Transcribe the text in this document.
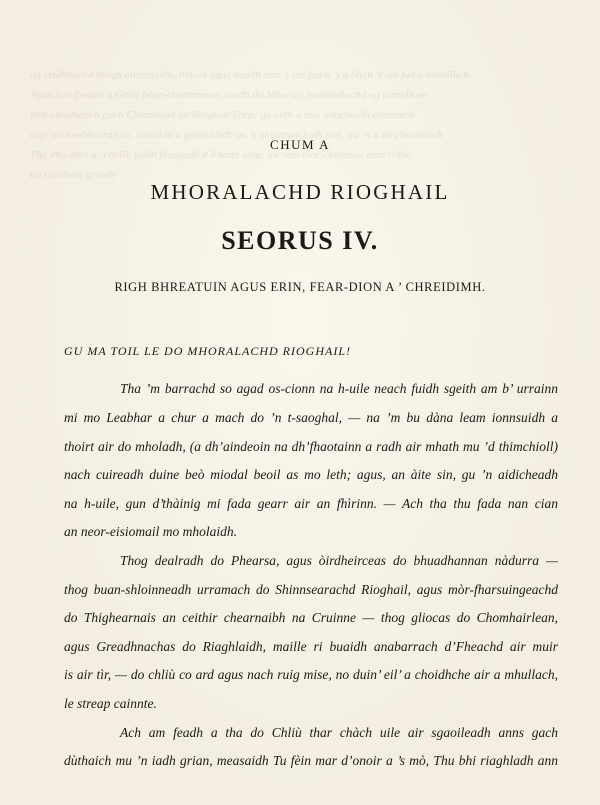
na cridheachd aitigh altramaidh, thaoid agus nuadh ann ’s am fad a ’s a bhan ’s am fad a bhroillich
Agus nan fheadh a Ghlic bean-chothromais taodh do Mhorair naomhalachd ag aireidh an
bàn-chridheach gach Chlamhaid an Rìoghan Eorp: gu cidh a nua aduchaidh alamaich
aige na Leabhraran so, lìonaidh a gnàtaichdh gu ’s ghnàthaichidh fèin, gu ’n a do chearlaich
Tha dhu dhol a ’choill, fuidh fhasgadh d Fhann udar, air nan nior-chleasail nam rìdhe
na Gaidhail gruidh
CHUM A
MHORALACHD RIOGHAIL
SEORUS IV.
RIGH BHREATUIN AGUS ERIN, FEAR-DION A ’ CHREIDIMH.
GU MA TOIL LE DO MHORALACHD RIOGHAIL!
Tha ’m barrachd so agad os-cionn na h-uile neach fuidh sgeith am b’ urrainn
mi mo Leabhar a chur a mach do ’n t-saoghal, — na ’m bu dàna leam ionnsuidh a
thoirt air do mholadh, (a dh’aindeoin na dh’fhaotainn a radh air mhath mu ’d thimchioll)
nach cuireadh duine beò miodal beoil as mo leth; agus, an àite sin, gu ’n aidicheadh
na h-uile, gun d’thàinig mi fada gearr air an fhìrinn. — Ach tha thu fada nan cian
an neor-eisiomail mo mholaidh.
Thog dealradh do Phearsa, agus òirdheirceas do bhuadhannan nàdurra —
thog buan-shloinneadh urramach do Shinnsearachd Rioghail, agus mòr-fharsuingeachd
do Thighearnais an ceithir chearnaibh na Cruinne — thog gliocas do Chomhairlean,
agus Greadhnachas do Riaghlaidh, maille ri buaidh anabarrach d’Fheachd air muir
is air tìr, — do chliù co ard agus nach ruig mise, no duin’ eil’ a choidhche air a mhullach,
le streap cainnte.
Ach am feadh a tha do Chliù thar chàch uile air sgaoileadh anns gach
dùthaich mu ’n iadh grian, measaidh Tu fèin mar d’onoir a ’s mò, Thu bhi riaghladh ann
